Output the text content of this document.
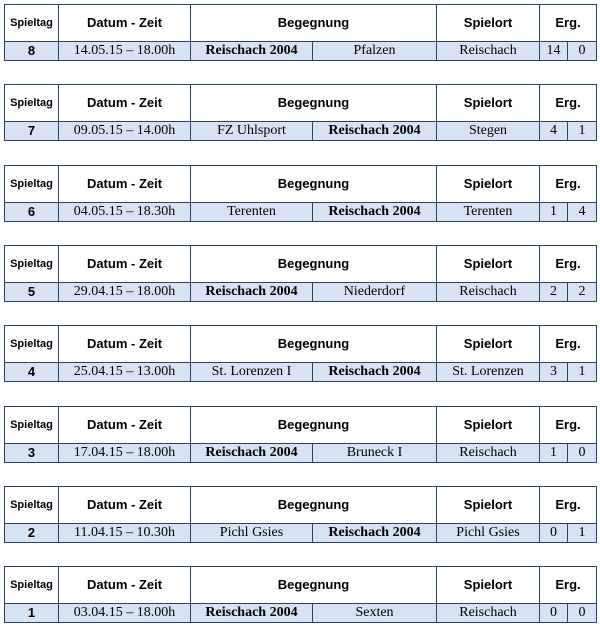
Spieltag	Datum - Zeit	Begegnung	Spielort	Erg.
8	14.05.15 – 18.00h	Reischach 2004	Pfalzen	Reischach	14	0
Spieltag	Datum - Zeit	Begegnung	Spielort	Erg.
7	09.05.15 – 14.00h	FZ Uhlsport	Reischach 2004	Stegen	4	1
Spieltag	Datum - Zeit	Begegnung	Spielort	Erg.
6	04.05.15 – 18.30h	Terenten	Reischach 2004	Terenten	1	4
Spieltag	Datum - Zeit	Begegnung	Spielort	Erg.
5	29.04.15 – 18.00h	Reischach 2004	Niederdorf	Reischach	2	2
Spieltag	Datum - Zeit	Begegnung	Spielort	Erg.
4	25.04.15 – 13.00h	St. Lorenzen I	Reischach 2004	St. Lorenzen	3	1
Spieltag	Datum - Zeit	Begegnung	Spielort	Erg.
3	17.04.15 – 18.00h	Reischach 2004	Bruneck I	Reischach	1	0
Spieltag	Datum - Zeit	Begegnung	Spielort	Erg.
2	11.04.15 – 10.30h	Pichl Gsies	Reischach 2004	Pichl Gsies	0	1
Spieltag	Datum - Zeit	Begegnung	Spielort	Erg.
1	03.04.15 – 18.00h	Reischach 2004	Sexten	Reischach	0	0
